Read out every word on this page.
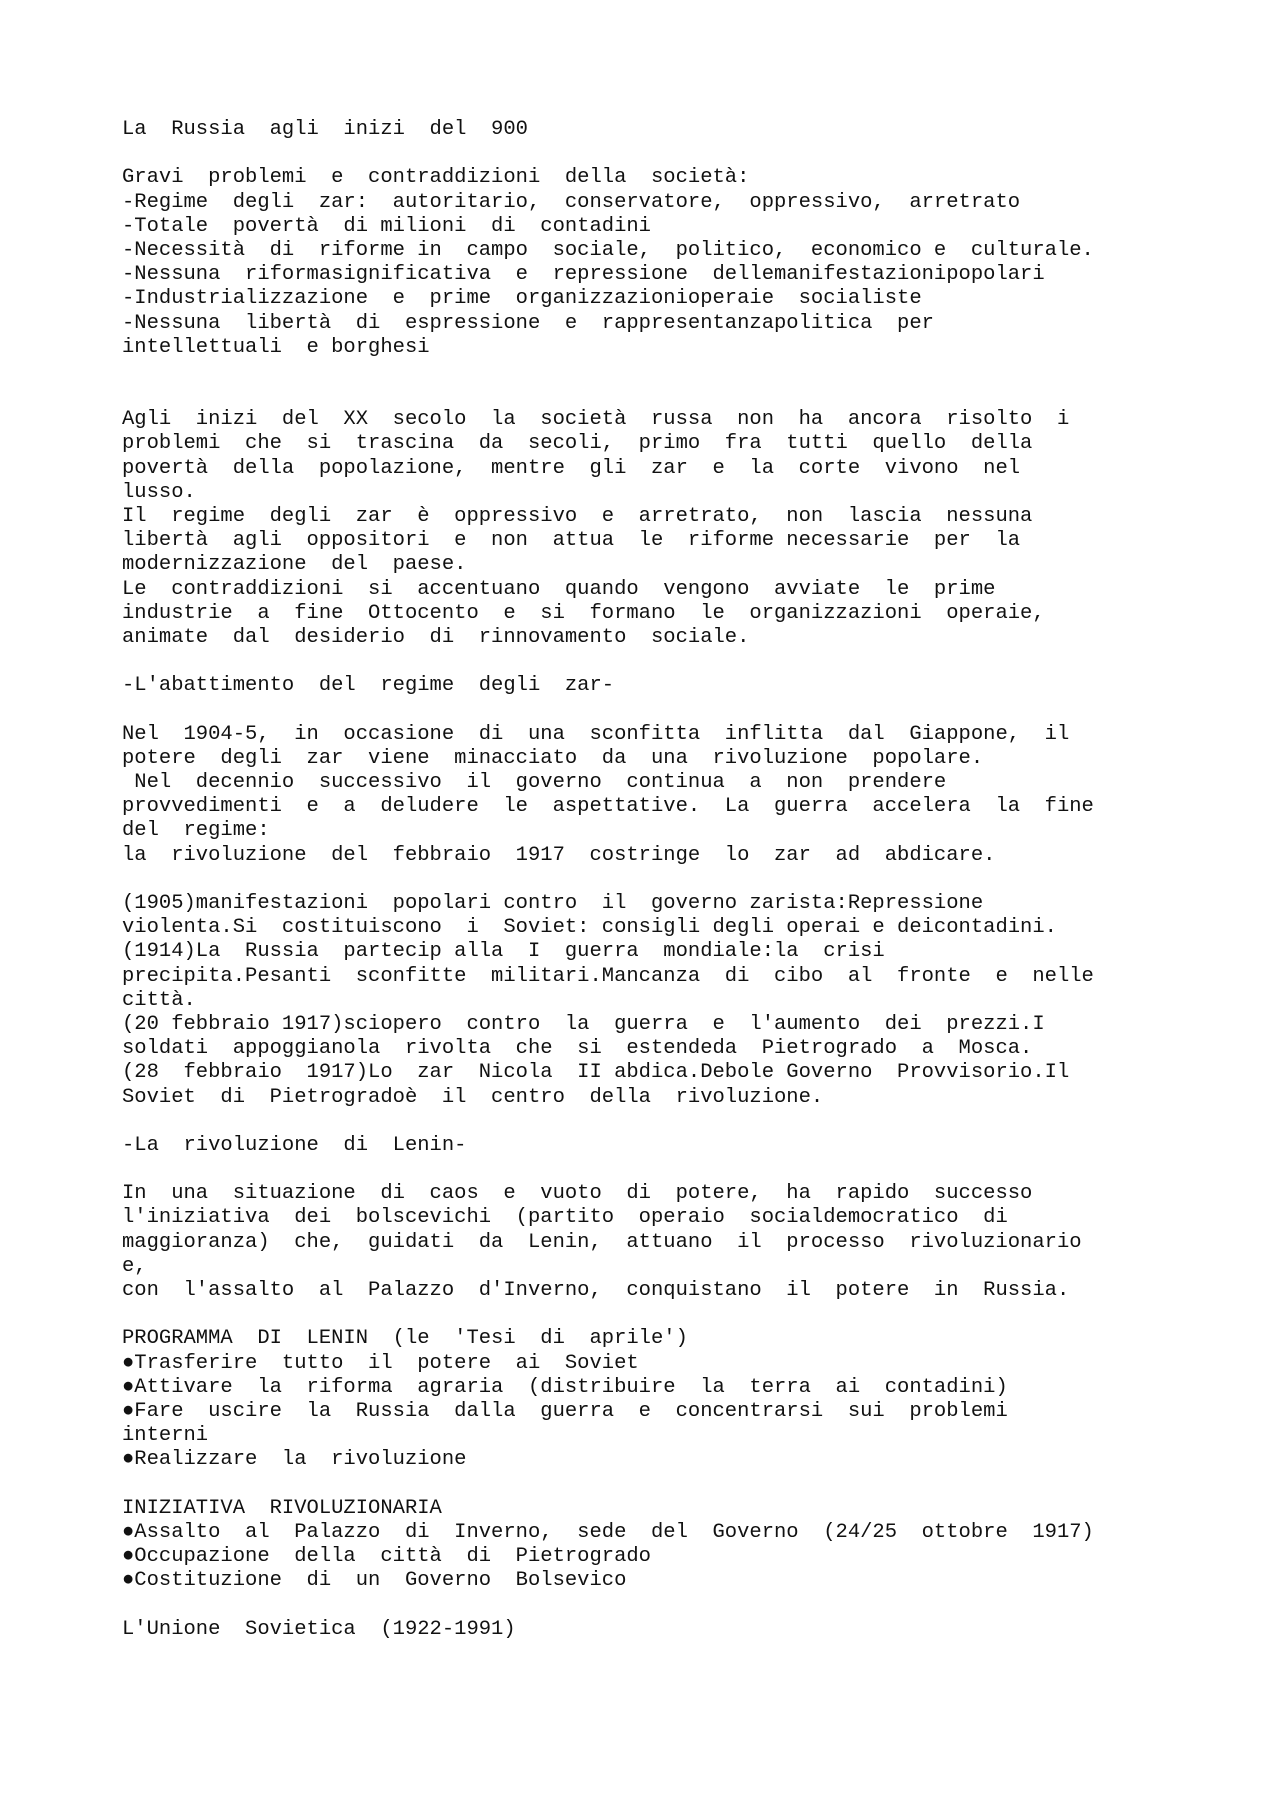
La  Russia  agli  inizi  del  900
Gravi  problemi  e  contraddizioni  della  società:
-Regime  degli  zar:  autoritario,  conservatore,  oppressivo,  arretrato
-Totale  povertà  di milioni  di  contadini
-Necessità  di  riforme in  campo  sociale,  politico,  economico e  culturale.
-Nessuna  riformasignificativa  e  repressione  dellemanifestazionipopolari
-Industrializzazione  e  prime  organizzazionioperaie  socialiste
-Nessuna  libertà  di  espressione  e  rappresentanzapolitica  per
intellettuali  e borghesi
Agli  inizi  del  XX  secolo  la  società  russa  non  ha  ancora  risolto  i
problemi  che  si  trascina  da  secoli,  primo  fra  tutti  quello  della
povertà  della  popolazione,  mentre  gli  zar  e  la  corte  vivono  nel
lusso.
Il  regime  degli  zar  è  oppressivo  e  arretrato,  non  lascia  nessuna
libertà  agli  oppositori  e  non  attua  le  riforme necessarie  per  la
modernizzazione  del  paese.
Le  contraddizioni  si  accentuano  quando  vengono  avviate  le  prime
industrie  a  fine  Ottocento  e  si  formano  le  organizzazioni  operaie,
animate  dal  desiderio  di  rinnovamento  sociale.
-L'abattimento  del  regime  degli  zar-
Nel  1904-5,  in  occasione  di  una  sconfitta  inflitta  dal  Giappone,  il
potere  degli  zar  viene  minacciato  da  una  rivoluzione  popolare.
Nel  decennio  successivo  il  governo  continua  a  non  prendere
provvedimenti  e  a  deludere  le  aspettative.  La  guerra  accelera  la  fine
del  regime:
la  rivoluzione  del  febbraio  1917  costringe  lo  zar  ad  abdicare.
(1905)manifestazioni  popolari contro  il  governo zarista:Repressione
violenta.Si  costituiscono  i  Soviet: consigli degli operai e deicontadini.
(1914)La  Russia  partecip alla  I  guerra  mondiale:la  crisi
precipita.Pesanti  sconfitte  militari.Mancanza  di  cibo  al  fronte  e  nelle
città.
(20 febbraio 1917)sciopero  contro  la  guerra  e  l'aumento  dei  prezzi.I
soldati  appoggianola  rivolta  che  si  estendeda  Pietrogrado  a  Mosca.
(28  febbraio  1917)Lo  zar  Nicola  II abdica.Debole Governo  Provvisorio.Il
Soviet  di  Pietrogradoè  il  centro  della  rivoluzione.
-La  rivoluzione  di  Lenin-
In  una  situazione  di  caos  e  vuoto  di  potere,  ha  rapido  successo
l'iniziativa  dei  bolscevichi  (partito  operaio  socialdemocratico  di
maggioranza)  che,  guidati  da  Lenin,  attuano  il  processo  rivoluzionario
e,
con  l'assalto  al  Palazzo  d'Inverno,  conquistano  il  potere  in  Russia.
PROGRAMMA  DI  LENIN  (le  'Tesi  di  aprile')
●Trasferire  tutto  il  potere  ai  Soviet
●Attivare  la  riforma  agraria  (distribuire  la  terra  ai  contadini)
●Fare  uscire  la  Russia  dalla  guerra  e  concentrarsi  sui  problemi
interni
●Realizzare  la  rivoluzione
INIZIATIVA  RIVOLUZIONARIA
●Assalto  al  Palazzo  di  Inverno,  sede  del  Governo  (24/25  ottobre  1917)
●Occupazione  della  città  di  Pietrogrado
●Costituzione  di  un  Governo  Bolsevico
L'Unione  Sovietica  (1922-1991)
